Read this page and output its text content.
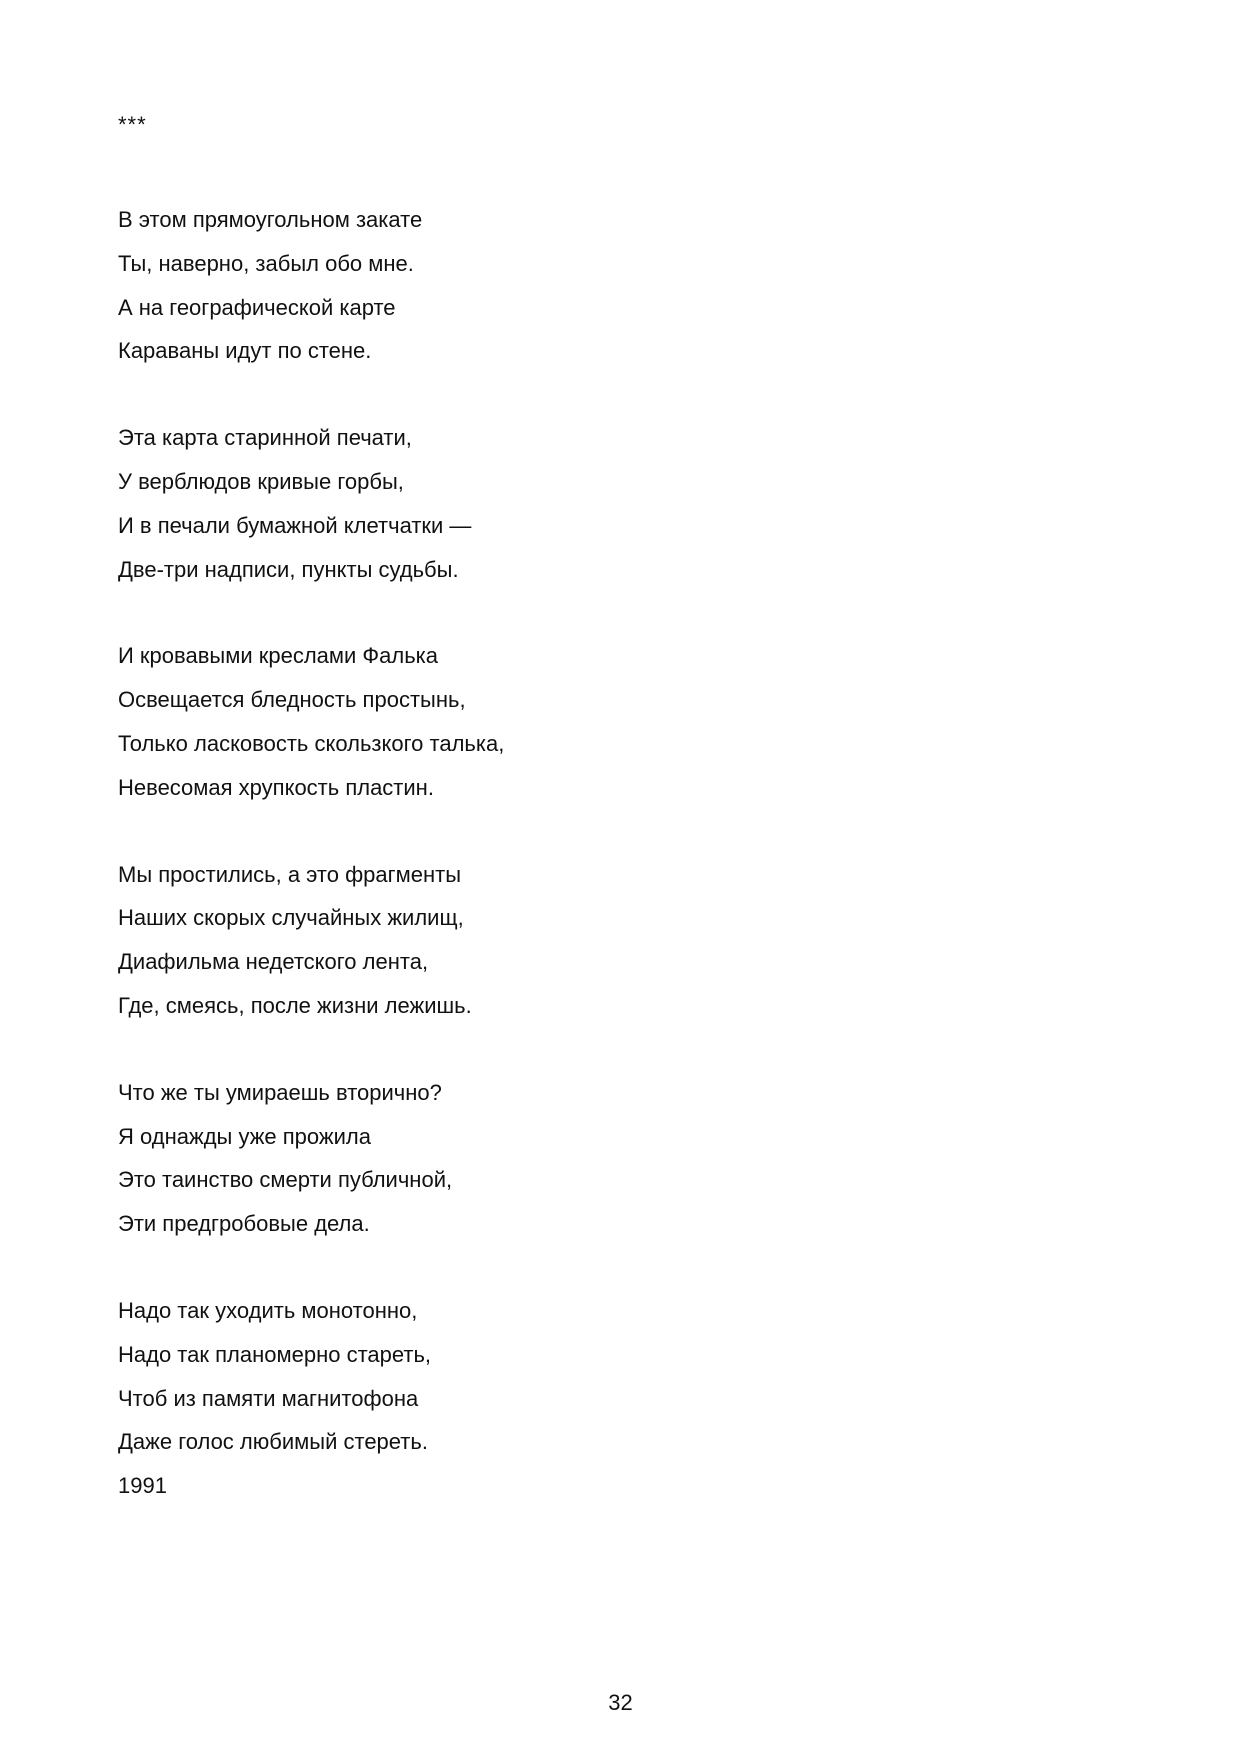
***
В этом прямоугольном закате
Ты, наверно, забыл обо мне.
А на географической карте
Караваны идут по стене.
Эта карта старинной печати,
У верблюдов кривые горбы,
И в печали бумажной клетчатки —
Две-три надписи, пункты судьбы.
И кровавыми креслами Фалька
Освещается бледность простынь,
Только ласковость скользкого талька,
Невесомая хрупкость пластин.
Мы простились, а это фрагменты
Наших скорых случайных жилищ,
Диафильма недетского лента,
Где, смеясь, после жизни лежишь.
Что же ты умираешь вторично?
Я однажды уже прожила
Это таинство смерти публичной,
Эти предгробовые дела.
Надо так уходить монотонно,
Надо так планомерно стареть,
Чтоб из памяти магнитофона
Даже голос любимый стереть.
1991
32
